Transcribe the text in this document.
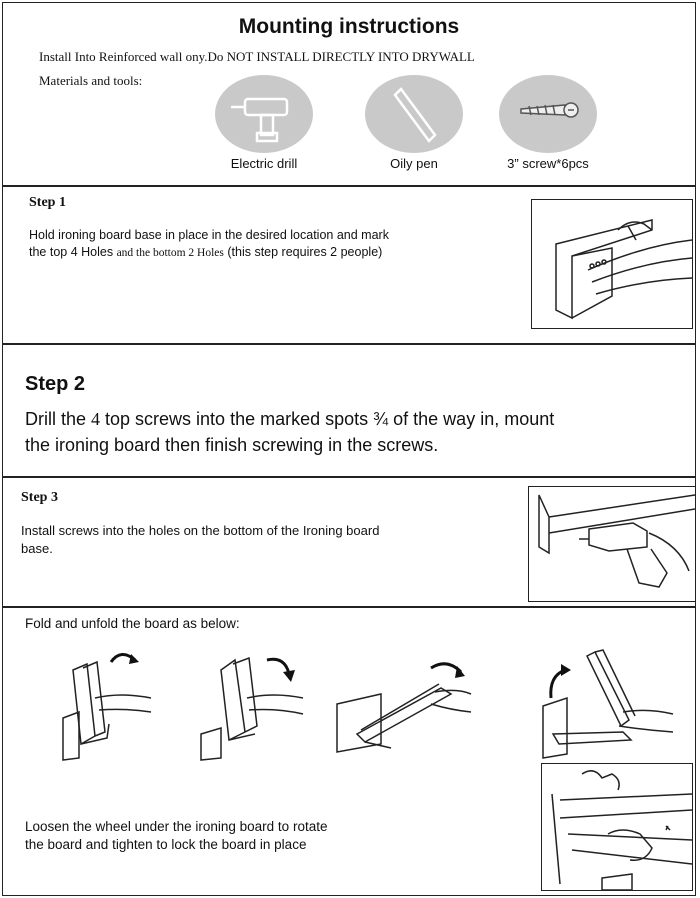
Mounting instructions
Install Into Reinforced wall ony.Do NOT INSTALL DIRECTLY INTO DRYWALL
Materials and tools:
Electric drill	Oily pen	3” screw*6pcs
Step 1
Hold ironing board base in place in the desired location and mark
the top 4 Holes and the bottom 2 Holes (this step requires 2 people)
Step 2
Drill the 4 top screws into the marked spots ¾ of the way in, mount
the ironing board then finish screwing in the screws.
Step 3
Install screws into the holes on the bottom of the Ironing board
base.
Fold and unfold the board as below:
Loosen the wheel under the ironing board to rotate
the board and tighten to lock the board in place
